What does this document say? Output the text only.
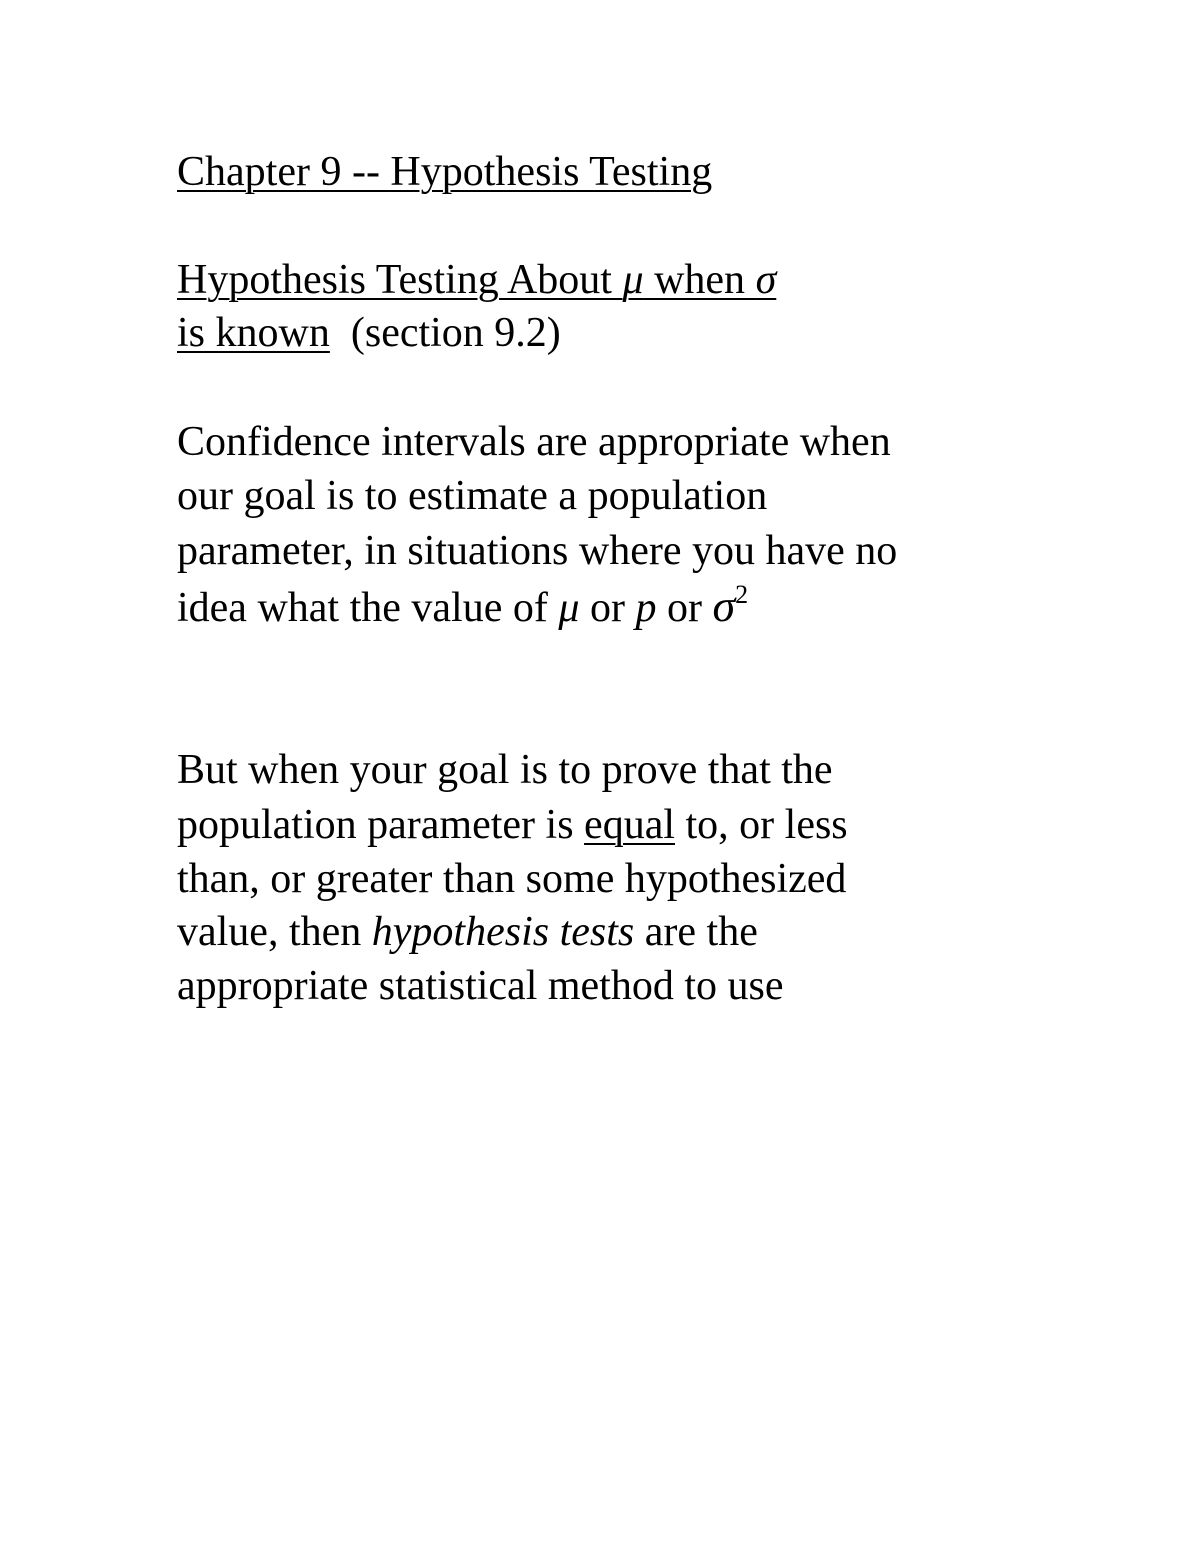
Chapter 9 -- Hypothesis Testing

Hypothesis Testing About μ when σ

is known  (section 9.2)

Confidence intervals are appropriate when

our goal is to estimate a population

parameter, in situations where you have no

idea what the value of μ or p or $\sigma^2$

But when your goal is to prove that the

population parameter is equal to, or less

than, or greater than some hypothesized

value, then hypothesis tests are the

appropriate statistical method to use
